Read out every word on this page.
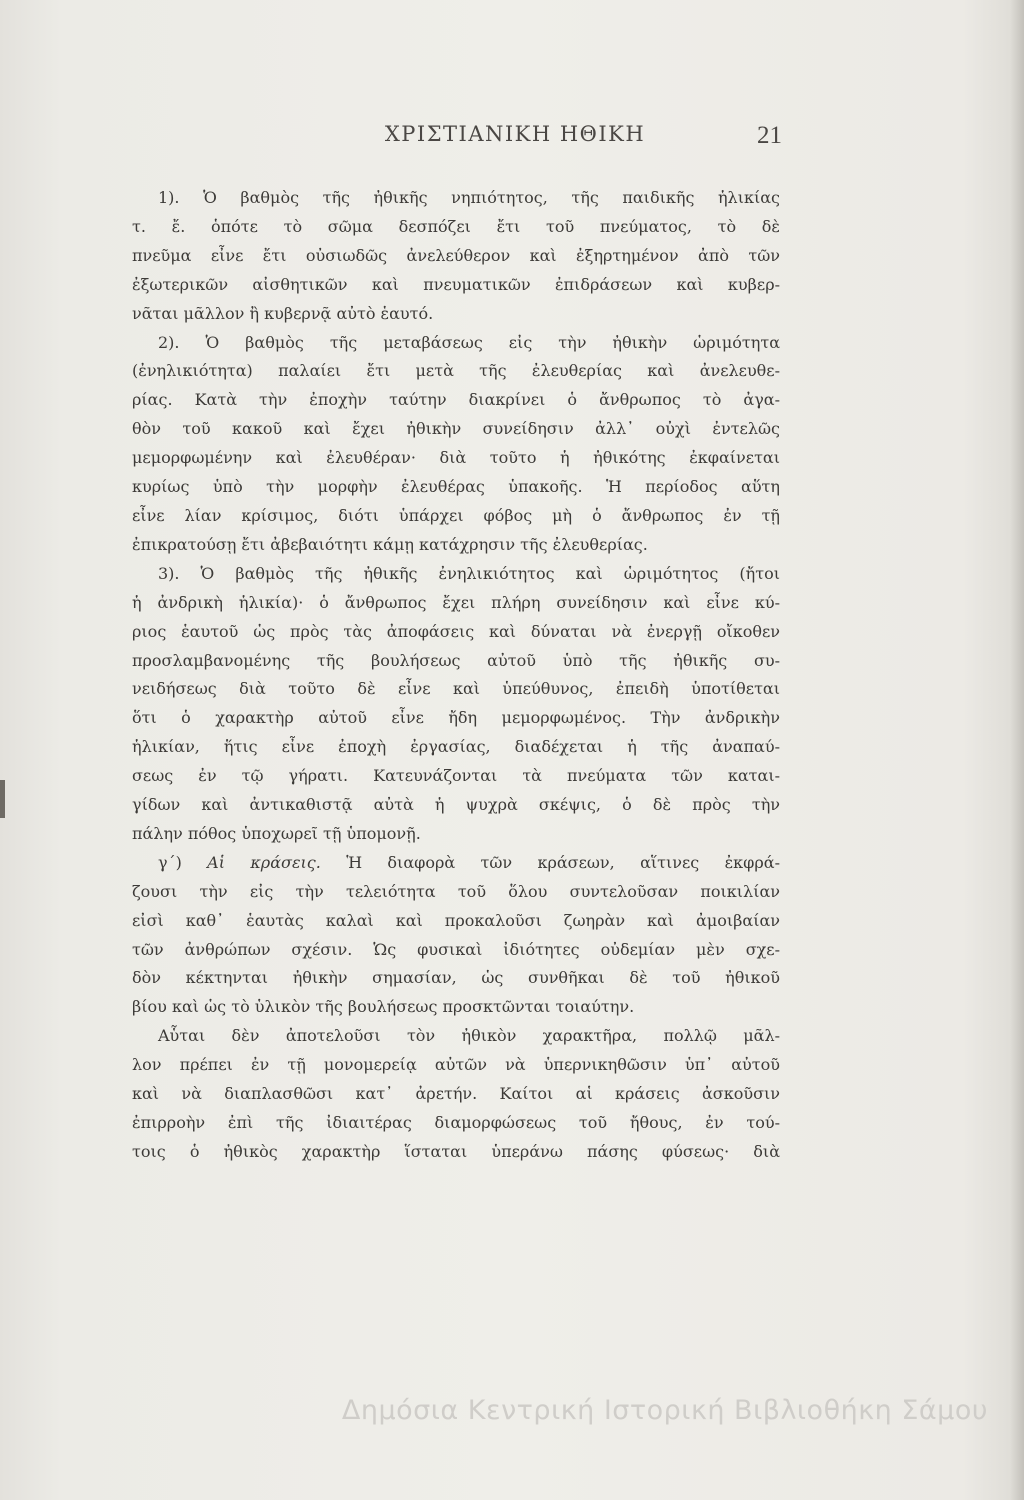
ΧΡΙΣΤΙΑΝΙΚΗ ΗΘΙΚΗ	21
1). Ὁ βαθμὸς τῆς ἠθικῆς νηπιότητος, τῆς παιδικῆς ἡλικίας
τ. ἔ. ὁπότε τὸ σῶμα δεσπόζει ἔτι τοῦ πνεύματος, τὸ δὲ
πνεῦμα εἶνε ἔτι οὐσιωδῶς ἀνελεύθερον καὶ ἐξηρτημένον ἀπὸ τῶν
ἐξωτερικῶν αἰσθητικῶν καὶ πνευματικῶν ἐπιδράσεων καὶ κυβερ-
νᾶται μᾶλλον ἢ κυβερνᾷ αὐτὸ ἑαυτό.
2). Ὁ βαθμὸς τῆς μεταβάσεως εἰς τὴν ἠθικὴν ὡριμότητα
(ἐνηλικιότητα) παλαίει ἔτι μετὰ τῆς ἐλευθερίας καὶ ἀνελευθε-
ρίας. Κατὰ τὴν ἐποχὴν ταύτην διακρίνει ὁ ἄνθρωπος τὸ ἀγα-
θὸν τοῦ κακοῦ καὶ ἔχει ἠθικὴν συνείδησιν ἀλλ᾽ οὐχὶ ἐντελῶς
μεμορφωμένην καὶ ἐλευθέραν· διὰ τοῦτο ἡ ἠθικότης ἐκφαίνεται
κυρίως ὑπὸ τὴν μορφὴν ἐλευθέρας ὑπακοῆς. Ἡ περίοδος αὕτη
εἶνε λίαν κρίσιμος, διότι ὑπάρχει φόβος μὴ ὁ ἄνθρωπος ἐν τῇ
ἐπικρατούσῃ ἔτι ἀβεβαιότητι κάμῃ κατάχρησιν τῆς ἐλευθερίας.
3). Ὁ βαθμὸς τῆς ἠθικῆς ἐνηλικιότητος καὶ ὡριμότητος (ἤτοι
ἡ ἀνδρικὴ ἡλικία)· ὁ ἄνθρωπος ἔχει πλήρη συνείδησιν καὶ εἶνε κύ-
ριος ἑαυτοῦ ὡς πρὸς τὰς ἀποφάσεις καὶ δύναται νὰ ἐνεργῇ οἴκοθεν
προσλαμβανομένης τῆς βουλήσεως αὐτοῦ ὑπὸ τῆς ἠθικῆς συ-
νειδήσεως διὰ τοῦτο δὲ εἶνε καὶ ὑπεύθυνος, ἐπειδὴ ὑποτίθεται
ὅτι ὁ χαρακτὴρ αὐτοῦ εἶνε ἤδη μεμορφωμένος. Τὴν ἀνδρικὴν
ἡλικίαν, ἥτις εἶνε ἐποχὴ ἐργασίας, διαδέχεται ἡ τῆς ἀναπαύ-
σεως ἐν τῷ γήρατι. Κατευνάζονται τὰ πνεύματα τῶν καται-
γίδων καὶ ἀντικαθιστᾷ αὐτὰ ἡ ψυχρὰ σκέψις, ὁ δὲ πρὸς τὴν
πάλην πόθος ὑποχωρεῖ τῇ ὑπομονῇ.
γ´) Αἱ κράσεις. Ἡ διαφορὰ τῶν κράσεων, αἵτινες ἐκφρά-
ζουσι τὴν εἰς τὴν τελειότητα τοῦ ὅλου συντελοῦσαν ποικιλίαν
εἰσὶ καθ᾽ ἑαυτὰς καλαὶ καὶ προκαλοῦσι ζωηρὰν καὶ ἀμοιβαίαν
τῶν ἀνθρώπων σχέσιν. Ὡς φυσικαὶ ἰδιότητες οὐδεμίαν μὲν σχε-
δὸν κέκτηνται ἠθικὴν σημασίαν, ὡς συνθῆκαι δὲ τοῦ ἠθικοῦ
βίου καὶ ὡς τὸ ὑλικὸν τῆς βουλήσεως προσκτῶνται τοιαύτην.
Αὗται δὲν ἀποτελοῦσι τὸν ἠθικὸν χαρακτῆρα, πολλῷ μᾶλ-
λον πρέπει ἐν τῇ μονομερείᾳ αὐτῶν νὰ ὑπερνικηθῶσιν ὑπ᾽ αὐτοῦ
καὶ νὰ διαπλασθῶσι κατ᾽ ἀρετήν. Καίτοι αἱ κράσεις ἀσκοῦσιν
ἐπιρροὴν ἐπὶ τῆς ἰδιαιτέρας διαμορφώσεως τοῦ ἤθους, ἐν τού-
τοις ὁ ἠθικὸς χαρακτὴρ ἵσταται ὑπεράνω πάσης φύσεως· διὰ
Δημόσια Κεντρική Ιστορική Βιβλιοθήκη Σάμου
